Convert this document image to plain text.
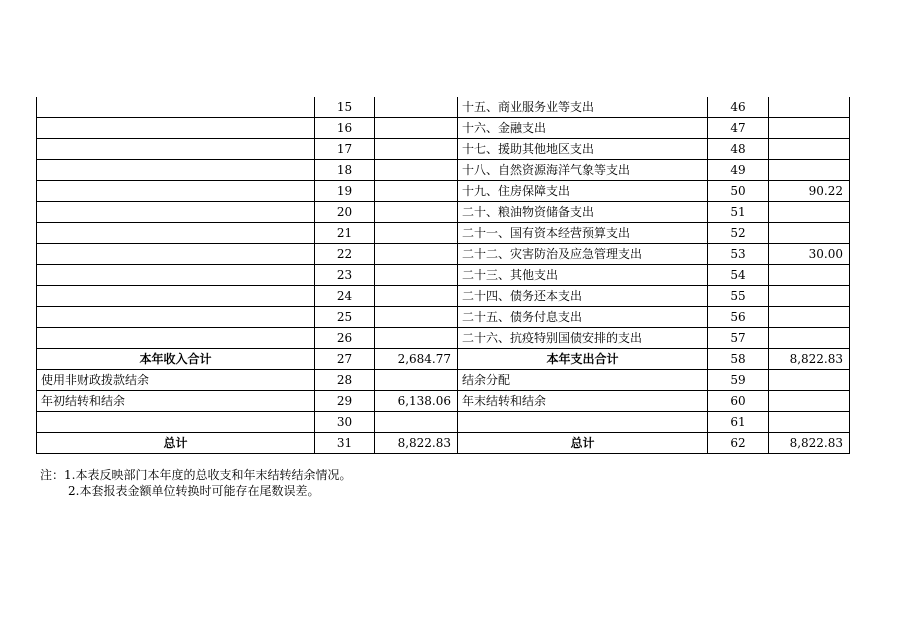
	15		十五、商业服务业等支出	46	
	16		十六、金融支出	47	
	17		十七、援助其他地区支出	48	
	18		十八、自然资源海洋气象等支出	49	
	19		十九、住房保障支出	50	90.22
	20		二十、粮油物资储备支出	51	
	21		二十一、国有资本经营预算支出	52	
	22		二十二、灾害防治及应急管理支出	53	30.00
	23		二十三、其他支出	54	
	24		二十四、债务还本支出	55	
	25		二十五、债务付息支出	56	
	26		二十六、抗疫特别国债安排的支出	57	
本年收入合计	27	2,684.77	本年支出合计	58	8,822.83
使用非财政拨款结余	28		结余分配	59	
年初结转和结余	29	6,138.06	年末结转和结余	60	
	30			61	
总计	31	8,822.83	总计	62	8,822.83
注：1.本表反映部门本年度的总收支和年末结转结余情况。
2.本套报表金额单位转换时可能存在尾数误差。
